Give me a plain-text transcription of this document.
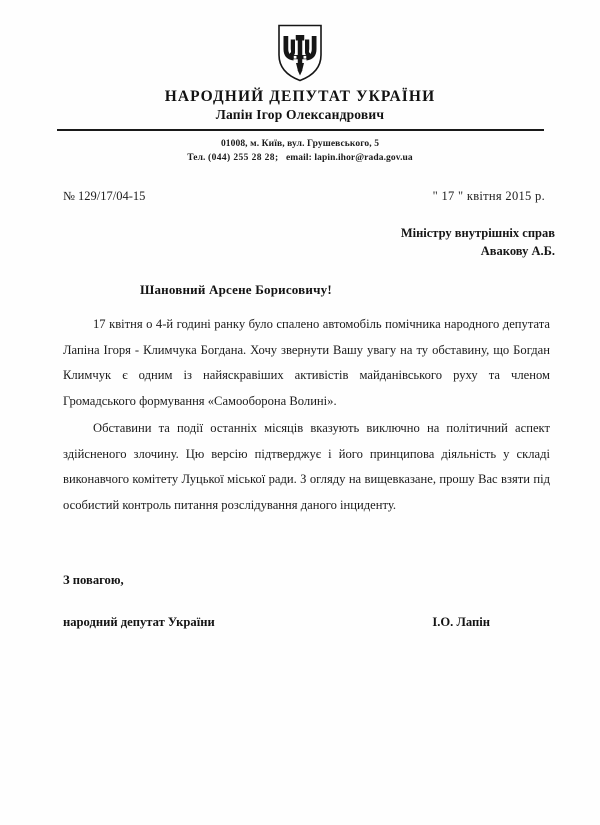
НАРОДНИЙ ДЕПУТАТ УКРАЇНИ
Лапін Ігор Олександрович
01008, м. Київ, вул. Грушевського, 5
Тел. (044) 255 28 28; email: lapin.ihor@rada.gov.ua
№ 129/17/04-15	" 17 " квітня 2015 р.
Міністру внутрішніх справ
Авакову А.Б.
Шановний Арсене Борисовичу!

17 квітня о 4-й годині ранку було спалено автомобіль помічника народного депутата Лапіна Ігоря - Климчука Богдана. Хочу звернути Вашу увагу на ту обставину, що Богдан Климчук є одним із найяскравіших активістів майданівського руху та членом Громадського формування «Самооборона Волині».

Обставини та події останніх місяців вказують виключно на політичний аспект здійсненого злочину. Цю версію підтверджує і його принципова діяльність у складі виконавчого комітету Луцької міської ради. З огляду на вищевказане, прошу Вас взяти під особистий контроль питання розслідування даного інциденту.

З повагою,
народний депутат України	І.О. Лапін
